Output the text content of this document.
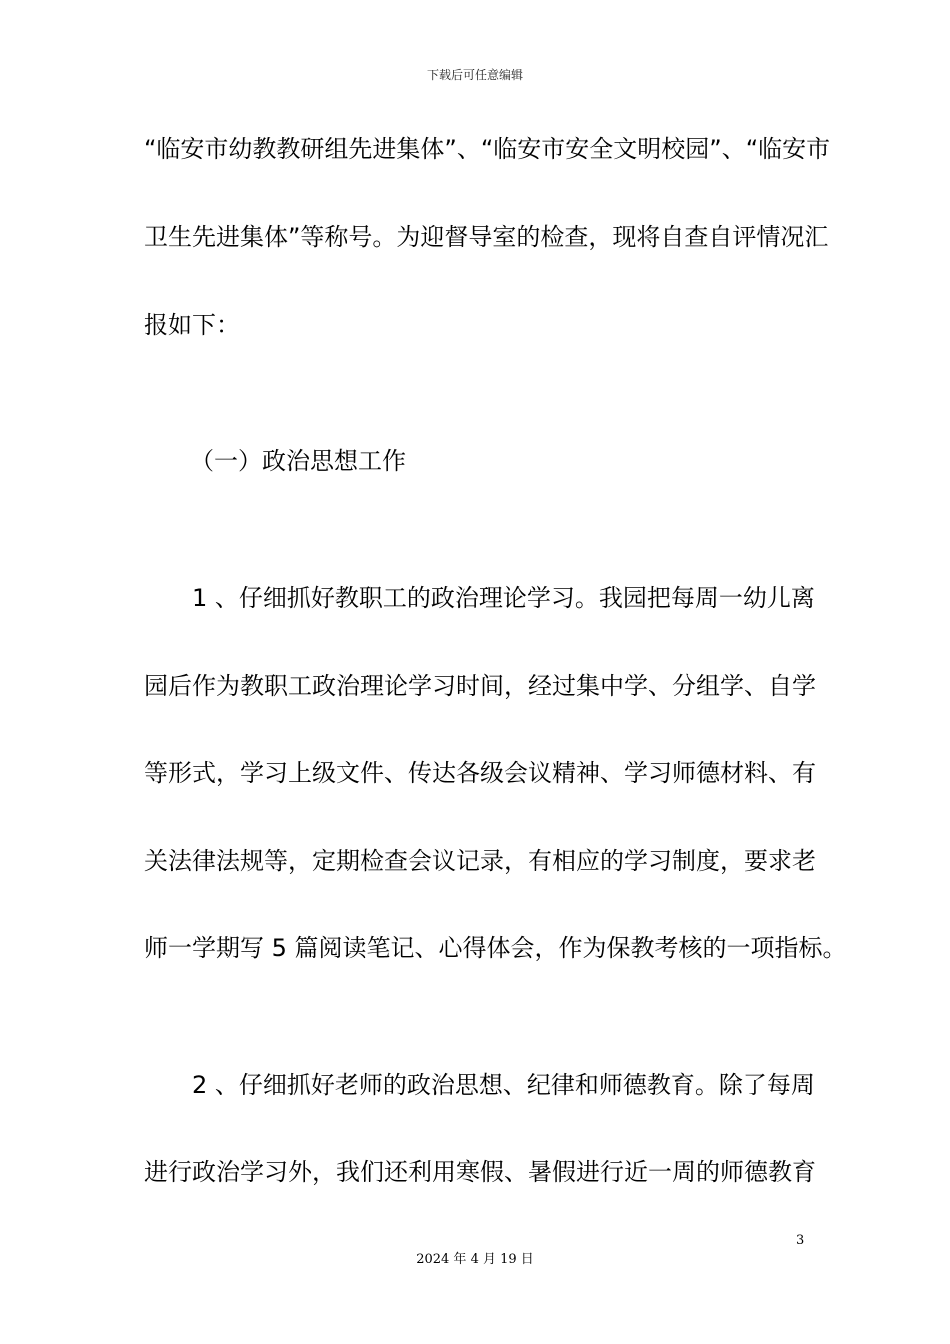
下载后可任意编辑
“临安市幼教教研组先进集体”、“临安市安全文明校园”、“临安市
卫生先进集体”等称号。为迎督导室的检查，现将自查自评情况汇
报如下：
（一）政治思想工作
1 、仔细抓好教职工的政治理论学习。我园把每周一幼儿离
园后作为教职工政治理论学习时间，经过集中学、分组学、自学
等形式，学习上级文件、传达各级会议精神、学习师德材料、有
关法律法规等，定期检查会议记录，有相应的学习制度，要求老
师一学期写 5 篇阅读笔记、心得体会，作为保教考核的一项指标。
2 、仔细抓好老师的政治思想、纪律和师德教育。除了每周
进行政治学习外，我们还利用寒假、暑假进行近一周的师德教育
3
2024 年 4 月 19 日
